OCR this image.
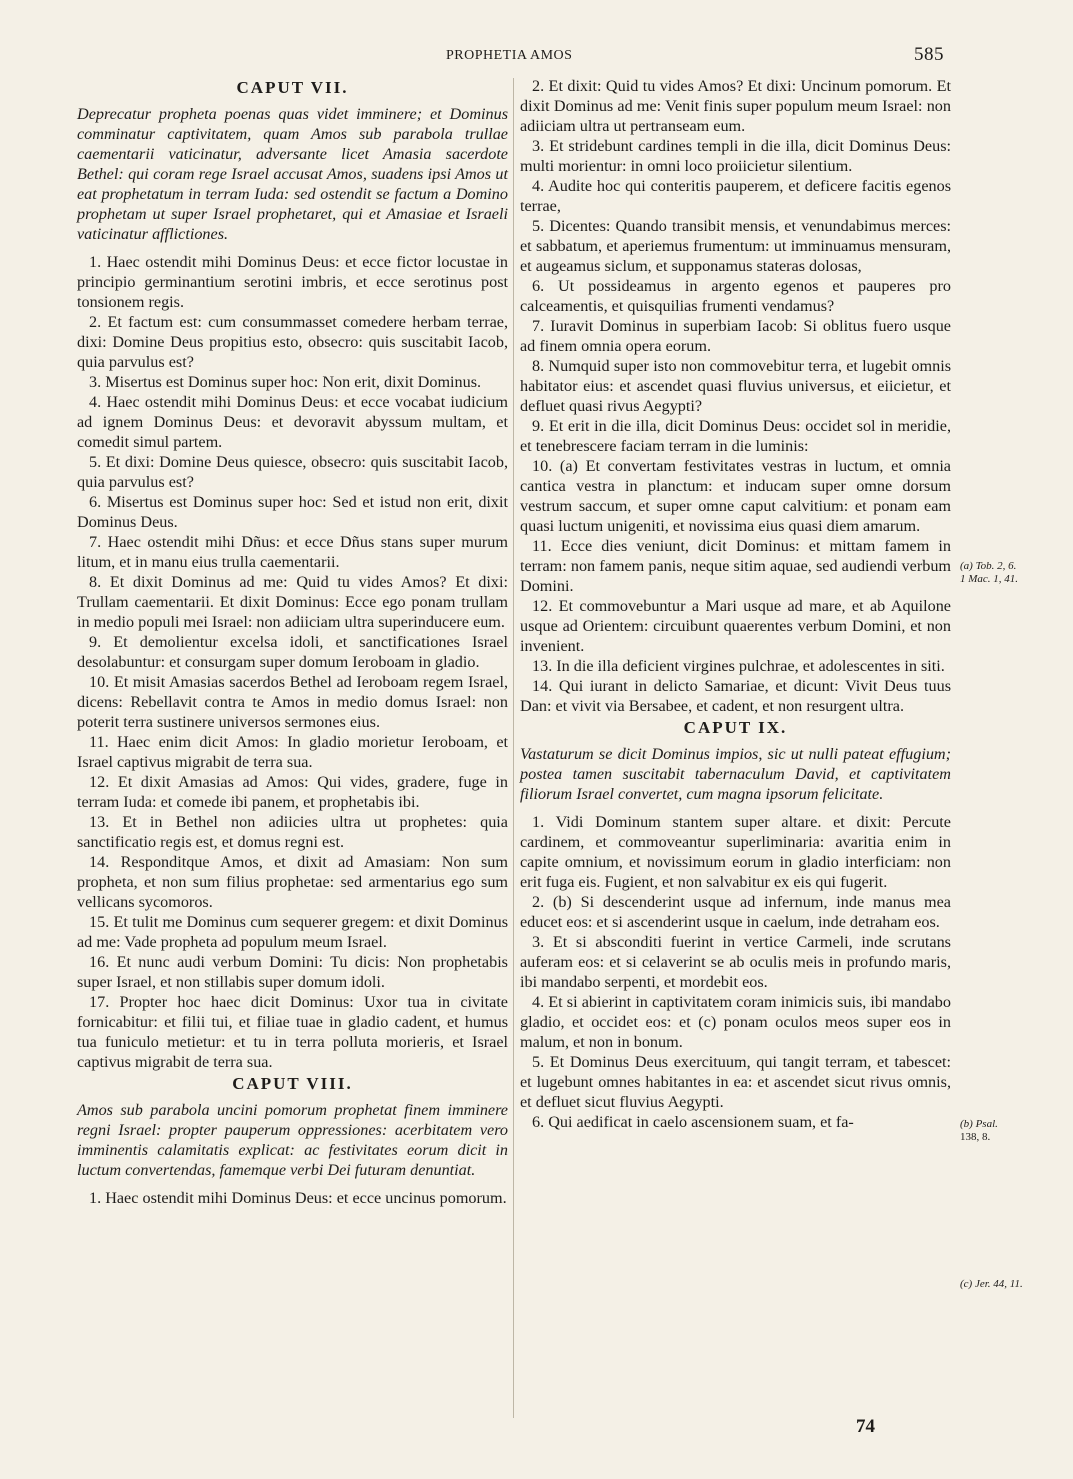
PROPHETIA AMOS	585
CAPUT VII.
Deprecatur propheta poenas quas videt imminere; et Dominus comminatur captivitatem, quam Amos sub parabola trullae caementarii vaticinatur, adversante licet Amasia sacerdote Bethel: qui coram rege Israel accusat Amos, suadens ipsi Amos ut eat prophetatum in terram Iuda: sed ostendit se factum a Domino prophetam ut super Israel prophetaret, qui et Amasiae et Israeli vaticinatur afflictiones.
1. Haec ostendit mihi Dominus Deus: et ecce fictor locustae in principio germinantium serotini imbris, et ecce serotinus post tonsionem regis.
2. Et factum est: cum consummasset comedere herbam terrae, dixi: Domine Deus propitius esto, obsecro: quis suscitabit Iacob, quia parvulus est?
3. Misertus est Dominus super hoc: Non erit, dixit Dominus.
4. Haec ostendit mihi Dominus Deus: et ecce vocabat iudicium ad ignem Dominus Deus: et devoravit abyssum multam, et comedit simul partem.
5. Et dixi: Domine Deus quiesce, obsecro: quis suscitabit Iacob, quia parvulus est?
6. Misertus est Dominus super hoc: Sed et istud non erit, dixit Dominus Deus.
7. Haec ostendit mihi Dñus: et ecce Dñus stans super murum litum, et in manu eius trulla caementarii.
8. Et dixit Dominus ad me: Quid tu vides Amos? Et dixi: Trullam caementarii. Et dixit Dominus: Ecce ego ponam trullam in medio populi mei Israel: non adiiciam ultra superinducere eum.
9. Et demolientur excelsa idoli, et sanctificationes Israel desolabuntur: et consurgam super domum Ieroboam in gladio.
10. Et misit Amasias sacerdos Bethel ad Ieroboam regem Israel, dicens: Rebellavit contra te Amos in medio domus Israel: non poterit terra sustinere universos sermones eius.
11. Haec enim dicit Amos: In gladio morietur Ieroboam, et Israel captivus migrabit de terra sua.
12. Et dixit Amasias ad Amos: Qui vides, gradere, fuge in terram Iuda: et comede ibi panem, et prophetabis ibi.
13. Et in Bethel non adiicies ultra ut prophetes: quia sanctificatio regis est, et domus regni est.
14. Responditque Amos, et dixit ad Amasiam: Non sum propheta, et non sum filius prophetae: sed armentarius ego sum vellicans sycomoros.
15. Et tulit me Dominus cum sequerer gregem: et dixit Dominus ad me: Vade propheta ad populum meum Israel.
16. Et nunc audi verbum Domini: Tu dicis: Non prophetabis super Israel, et non stillabis super domum idoli.
17. Propter hoc haec dicit Dominus: Uxor tua in civitate fornicabitur: et filii tui, et filiae tuae in gladio cadent, et humus tua funiculo metietur: et tu in terra polluta morieris, et Israel captivus migrabit de terra sua.
CAPUT VIII.
Amos sub parabola uncini pomorum prophetat finem imminere regni Israel: propter pauperum oppressiones: acerbitatem vero imminentis calamitatis explicat: ac festivitates eorum dicit in luctum convertendas, famemque verbi Dei futuram denuntiat.
1. Haec ostendit mihi Dominus Deus: et ecce uncinus pomorum.
2. Et dixit: Quid tu vides Amos? Et dixi: Uncinum pomorum. Et dixit Dominus ad me: Venit finis super populum meum Israel: non adiiciam ultra ut pertranseam eum.
3. Et stridebunt cardines templi in die illa, dicit Dominus Deus: multi morientur: in omni loco proiicietur silentium.
4. Audite hoc qui conteritis pauperem, et deficere facitis egenos terrae,
5. Dicentes: Quando transibit mensis, et venundabimus merces: et sabbatum, et aperiemus frumentum: ut imminuamus mensuram, et augeamus siclum, et supponamus stateras dolosas,
6. Ut possideamus in argento egenos et pauperes pro calceamentis, et quisquilias frumenti vendamus?
7. Iuravit Dominus in superbiam Iacob: Si oblitus fuero usque ad finem omnia opera eorum.
8. Numquid super isto non commovebitur terra, et lugebit omnis habitator eius: et ascendet quasi fluvius universus, et eiicietur, et defluet quasi rivus Aegypti?
9. Et erit in die illa, dicit Dominus Deus: occidet sol in meridie, et tenebrescere faciam terram in die luminis:
10. (a) Et convertam festivitates vestras in luctum, et omnia cantica vestra in planctum: et inducam super omne dorsum vestrum saccum, et super omne caput calvitium: et ponam eam quasi luctum unigeniti, et novissima eius quasi diem amarum.
11. Ecce dies veniunt, dicit Dominus: et mittam famem in terram: non famem panis, neque sitim aquae, sed audiendi verbum Domini.
12. Et commovebuntur a Mari usque ad mare, et ab Aquilone usque ad Orientem: circuibunt quaerentes verbum Domini, et non invenient.
13. In die illa deficient virgines pulchrae, et adolescentes in siti.
14. Qui iurant in delicto Samariae, et dicunt: Vivit Deus tuus Dan: et vivit via Bersabee, et cadent, et non resurgent ultra.
CAPUT IX.
Vastaturum se dicit Dominus impios, sic ut nulli pateat effugium; postea tamen suscitabit tabernaculum David, et captivitatem filiorum Israel convertet, cum magna ipsorum felicitate.
1. Vidi Dominum stantem super altare. et dixit: Percute cardinem, et commoveantur superliminaria: avaritia enim in capite omnium, et novissimum eorum in gladio interficiam: non erit fuga eis. Fugient, et non salvabitur ex eis qui fugerit.
2. (b) Si descenderint usque ad infernum, inde manus mea educet eos: et si ascenderint usque in caelum, inde detraham eos.
3. Et si absconditi fuerint in vertice Carmeli, inde scrutans auferam eos: et si celaverint se ab oculis meis in profundo maris, ibi mandabo serpenti, et mordebit eos.
4. Et si abierint in captivitatem coram inimicis suis, ibi mandabo gladio, et occidet eos: et (c) ponam oculos meos super eos in malum, et non in bonum.
5. Et Dominus Deus exercituum, qui tangit terram, et tabescet: et lugebunt omnes habitantes in ea: et ascendet sicut rivus omnis, et defluet sicut fluvius Aegypti.
6. Qui aedificat in caelo ascensionem suam, et fa-
(a) Tob. 2, 6.
1 Mac. 1, 41.
(b) Psal.
138, 8.
(c) Jer. 44, 11.
74
